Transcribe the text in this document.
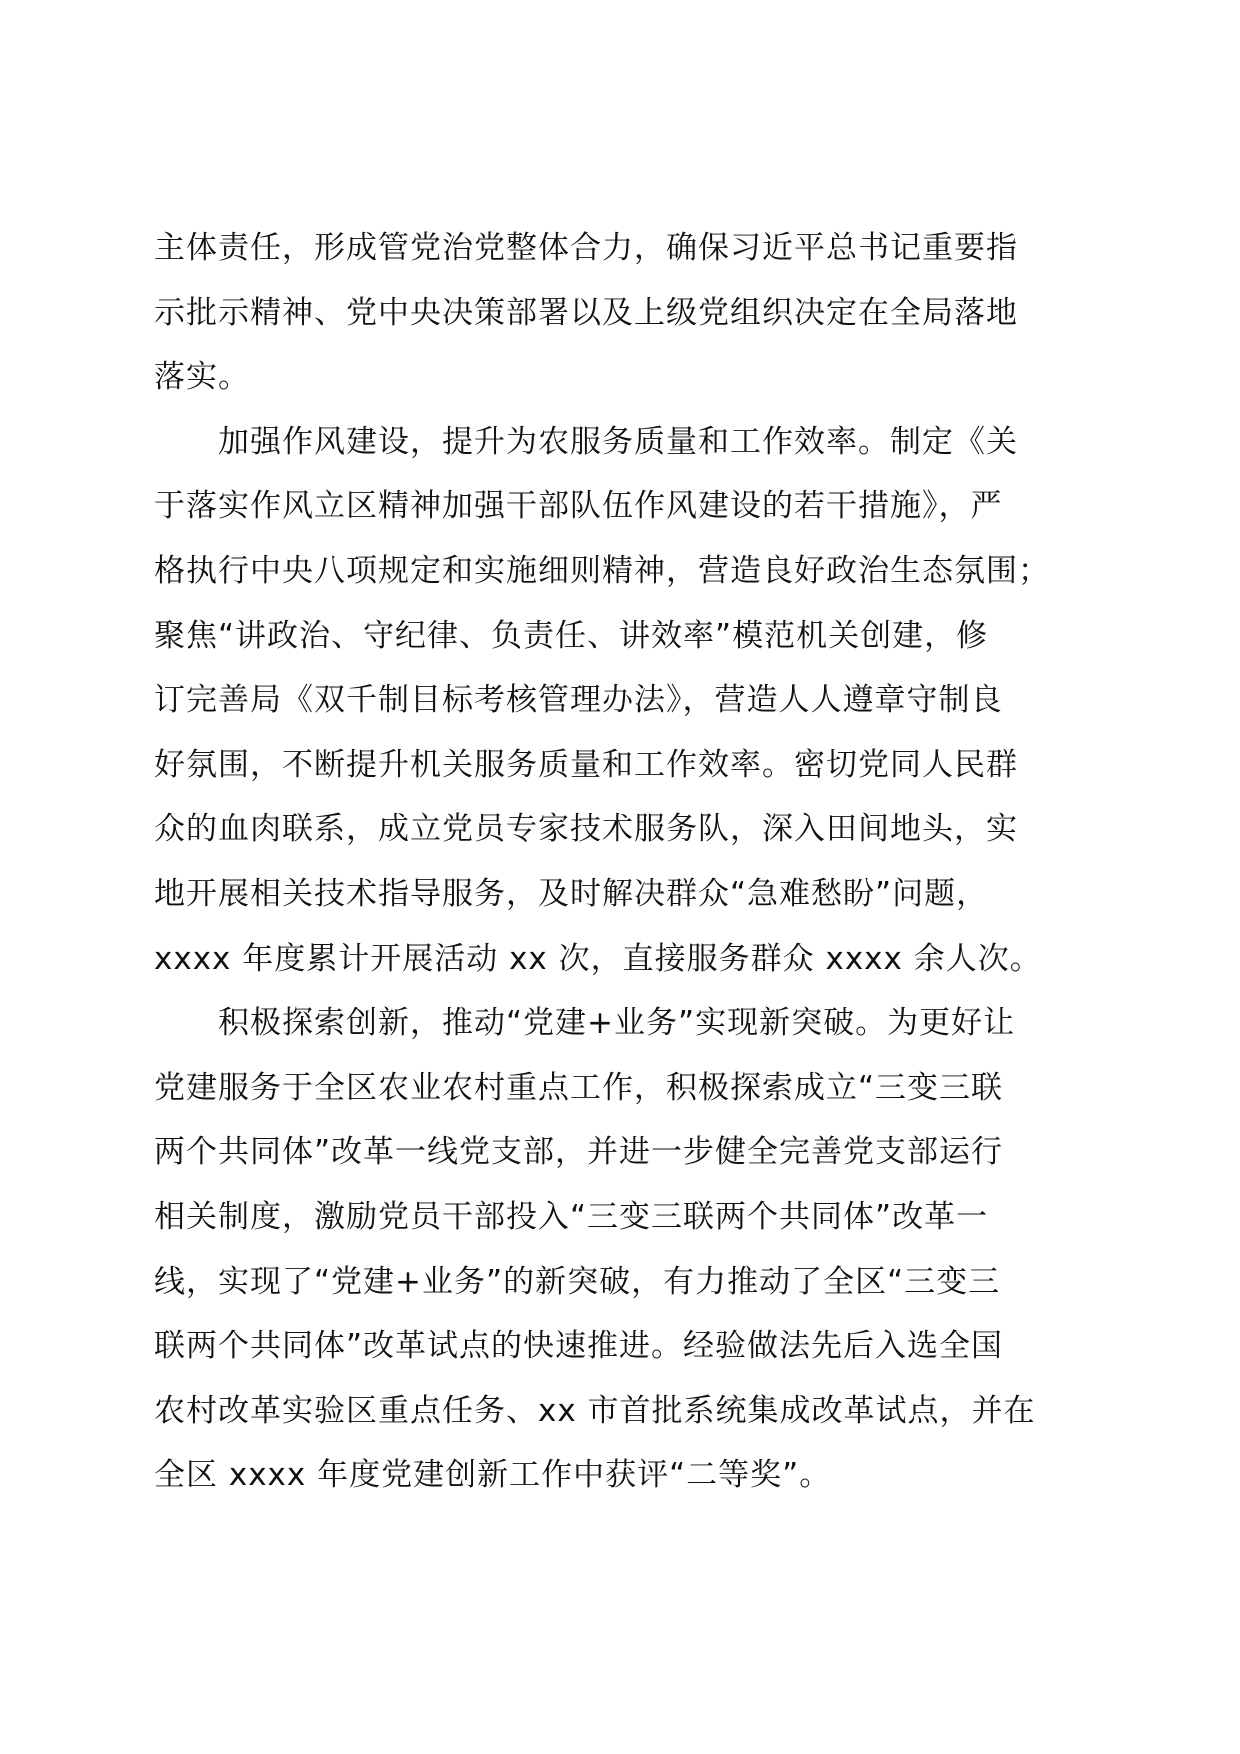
主体责任，形成管党治党整体合力，确保习近平总书记重要指
示批示精神、党中央决策部署以及上级党组织决定在全局落地
落实。
加强作风建设，提升为农服务质量和工作效率。制定《关
于落实作风立区精神加强干部队伍作风建设的若干措施》，严
格执行中央八项规定和实施细则精神，营造良好政治生态氛围；
聚焦“讲政治、守纪律、负责任、讲效率”模范机关创建，修
订完善局《双千制目标考核管理办法》，营造人人遵章守制良
好氛围，不断提升机关服务质量和工作效率。密切党同人民群
众的血肉联系，成立党员专家技术服务队，深入田间地头，实
地开展相关技术指导服务，及时解决群众“急难愁盼”问题，
xxxx 年度累计开展活动 xx 次，直接服务群众 xxxx 余人次。
积极探索创新，推动“党建+业务”实现新突破。为更好让
党建服务于全区农业农村重点工作，积极探索成立“三变三联
两个共同体”改革一线党支部，并进一步健全完善党支部运行
相关制度，激励党员干部投入“三变三联两个共同体”改革一
线，实现了“党建+业务”的新突破，有力推动了全区“三变三
联两个共同体”改革试点的快速推进。经验做法先后入选全国
农村改革实验区重点任务、xx 市首批系统集成改革试点，并在
全区 xxxx 年度党建创新工作中获评“二等奖”。
